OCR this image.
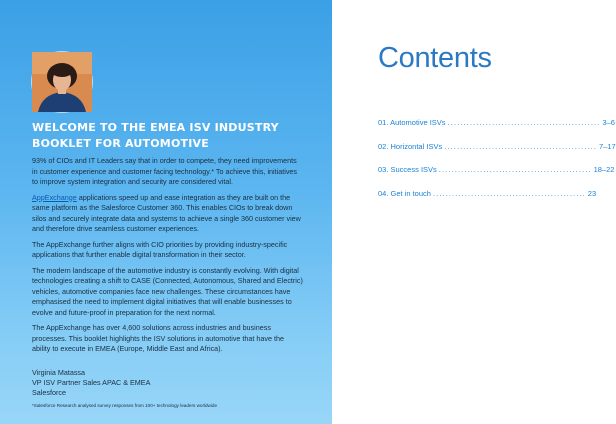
WELCOME TO THE EMEA ISV INDUSTRY
BOOKLET FOR AUTOMOTIVE

93% of CIOs and IT Leaders say that in order to compete, they need improvements in customer experience and customer facing technology.* To achieve this, initiatives to improve system integration and security are considered vital.

AppExchange applications speed up and ease integration as they are built on the same platform as the Salesforce Customer 360. This enables CIOs to break down silos and securely integrate data and systems to achieve a single 360 customer view and therefore drive seamless customer experiences.

The AppExchange further aligns with CIO priorities by providing industry-specific applications that further enable digital transformation in their sector.

The modern landscape of the automotive industry is constantly evolving. With digital technologies creating a shift to CASE (Connected, Autonomous, Shared and Electric) vehicles, automotive companies face new challenges. These circumstances have emphasised the need to implement digital initiatives that will enable businesses to evolve and future-proof in preparation for the next normal.

The AppExchange has over 4,600 solutions across industries and business processes. This booklet highlights the ISV solutions in automotive that have the ability to execute in EMEA (Europe, Middle East and Africa).

Virginia Matassa
VP ISV Partner Sales APAC & EMEA
Salesforce
*Salesforce Research analysed survey responses from 100+ technology leaders worldwide
Contents
01. Automotive ISVs ................................................ 3–6
02. Horizontal ISVs ................................................ 7–17
03. Success ISVs ................................................ 18–22
04. Get in touch ................................................ 23
